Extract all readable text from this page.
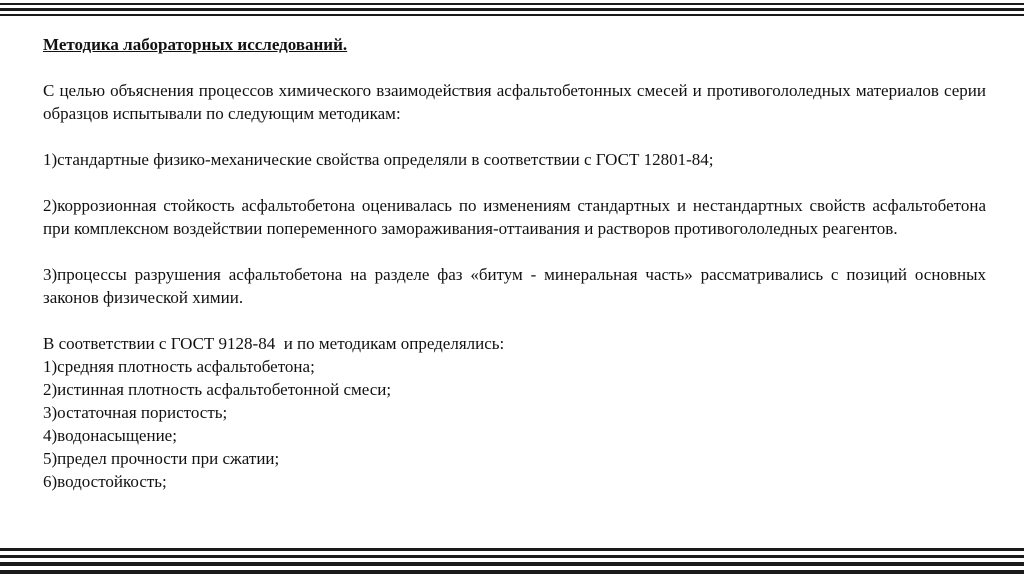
Методика лабораторных исследований.

С целью объяснения процессов химического взаимодействия асфальтобетонных смесей и противогололедных материалов серии образцов испытывали по следующим методикам:

1)стандартные физико-механические свойства определяли в соответствии с ГОСТ 12801-84;

2)коррозионная стойкость асфальтобетона оценивалась по изменениям стандартных и нестандартных свойств асфальтобетона при комплексном воздействии попеременного замораживания-оттаивания и растворов противогололедных реагентов.

3)процессы разрушения асфальтобетона на разделе фаз «битум - минеральная часть» рассматривались с позиций основных законов физической химии.

В соответствии с ГОСТ 9128-84  и по методикам определялись:
1)средняя плотность асфальтобетона;
2)истинная плотность асфальтобетонной смеси;
3)остаточная пористость;
4)водонасыщение;
5)предел прочности при сжатии;
6)водостойкость;
